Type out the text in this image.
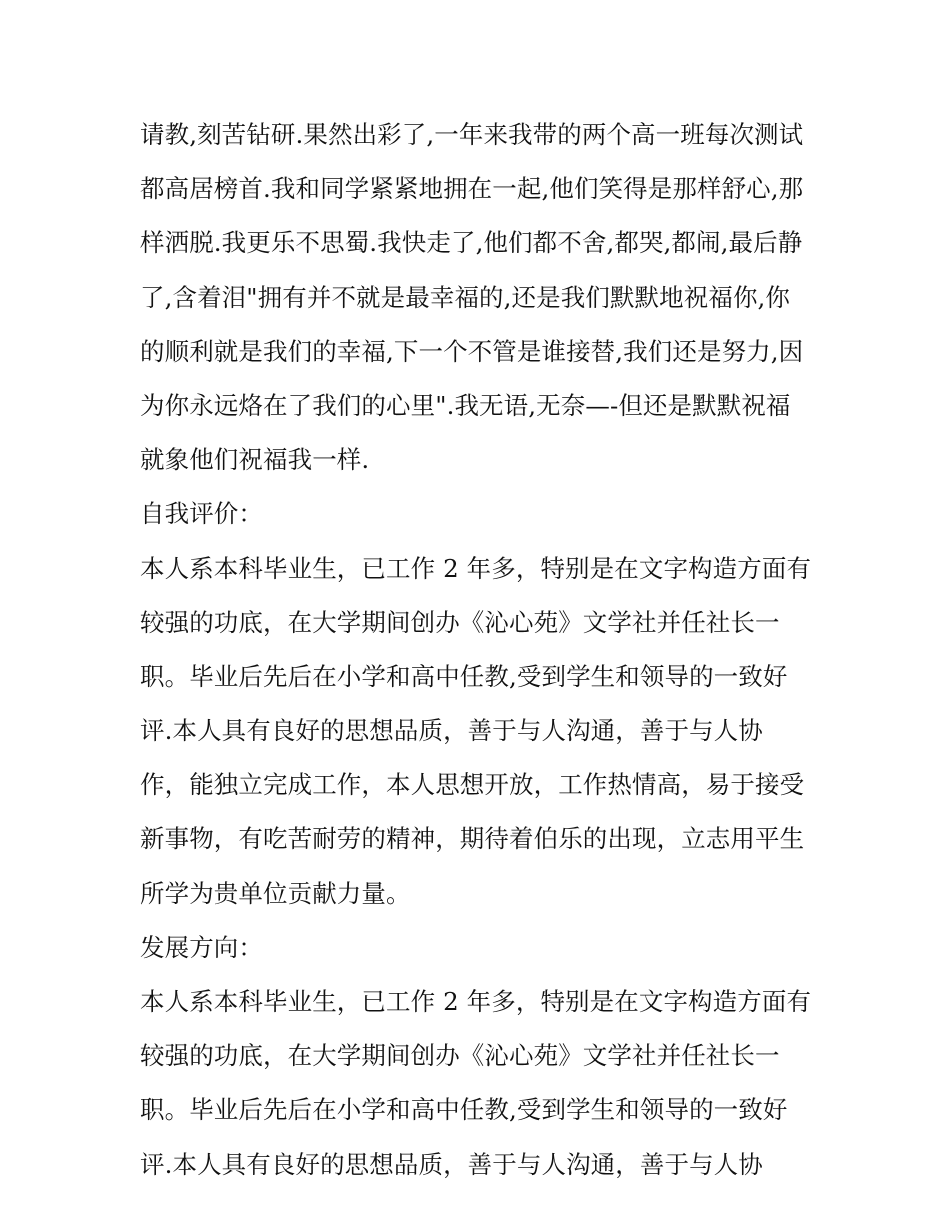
请教,刻苦钻研.果然出彩了,一年来我带的两个高一班每次测试
都高居榜首.我和同学紧紧地拥在一起,他们笑得是那样舒心,那
样洒脱.我更乐不思蜀.我快走了,他们都不舍,都哭,都闹,最后静
了,含着泪"拥有并不就是最幸福的,还是我们默默地祝福你,你
的顺利就是我们的幸福,下一个不管是谁接替,我们还是努力,因
为你永远烙在了我们的心里".我无语,无奈—-但还是默默祝福
就象他们祝福我一样.
自我评价：
本人系本科毕业生，已工作 2 年多，特别是在文字构造方面有
较强的功底，在大学期间创办《沁心苑》文学社并任社长一
职。毕业后先后在小学和高中任教,受到学生和领导的一致好
评.本人具有良好的思想品质，善于与人沟通，善于与人协
作，能独立完成工作，本人思想开放，工作热情高，易于接受
新事物，有吃苦耐劳的精神，期待着伯乐的出现，立志用平生
所学为贵单位贡献力量。
发展方向：
本人系本科毕业生，已工作 2 年多，特别是在文字构造方面有
较强的功底，在大学期间创办《沁心苑》文学社并任社长一
职。毕业后先后在小学和高中任教,受到学生和领导的一致好
评.本人具有良好的思想品质，善于与人沟通，善于与人协
